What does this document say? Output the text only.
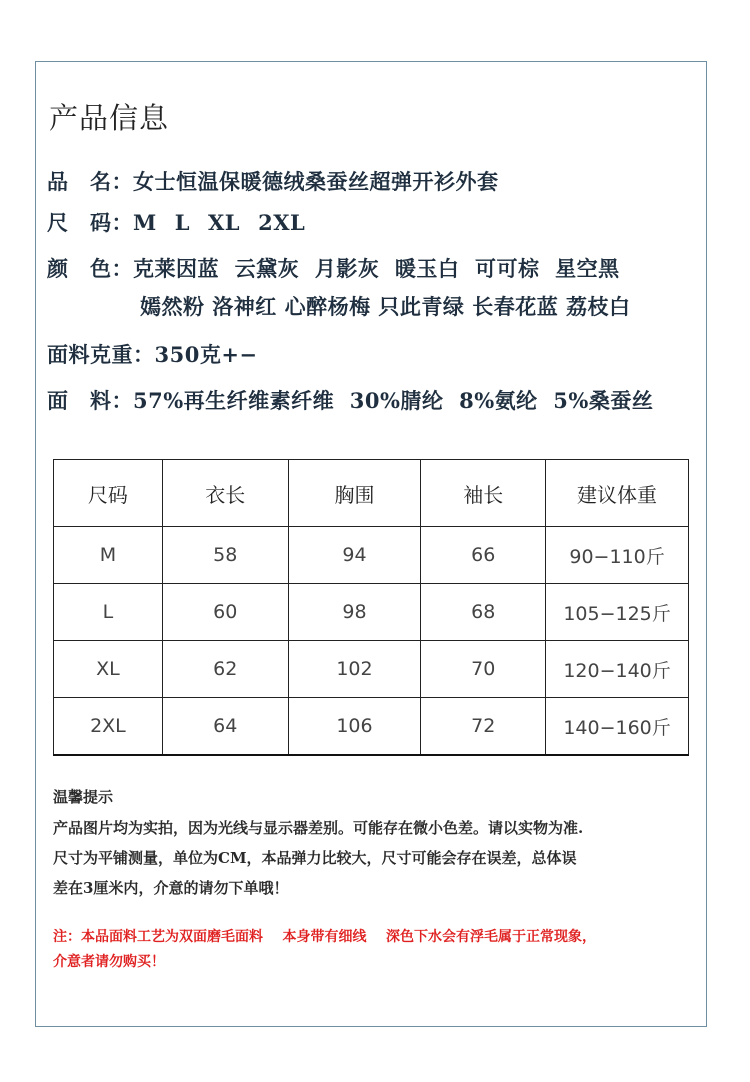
产品信息
品　名：女士恒温保暖德绒桑蚕丝超弹开衫外套
尺　码：M L XL 2XL
颜　色：克莱因蓝  云黛灰  月影灰  暖玉白  可可棕  星空黑
嫣然粉 洛神红 心醉杨梅 只此青绿 长春花蓝 荔枝白
面料克重：350克+−
面　料：57%再生纤维素纤维  30%腈纶  8%氨纶  5%桑蚕丝
尺码	衣长	胸围	袖长	建议体重
M	58	94	66	90−110斤
L	60	98	68	105−125斤
XL	62	102	70	120−140斤
2XL	64	106	72	140−160斤
温馨提示
产品图片均为实拍，因为光线与显示器差别。可能存在微小色差。请以实物为准.
尺寸为平铺测量，单位为CM，本品弹力比较大，尺寸可能会存在误差，总体误
差在3厘米内，介意的请勿下单哦！
注：本品面料工艺为双面磨毛面料    本身带有细线    深色下水会有浮毛属于正常现象，
介意者请勿购买！
